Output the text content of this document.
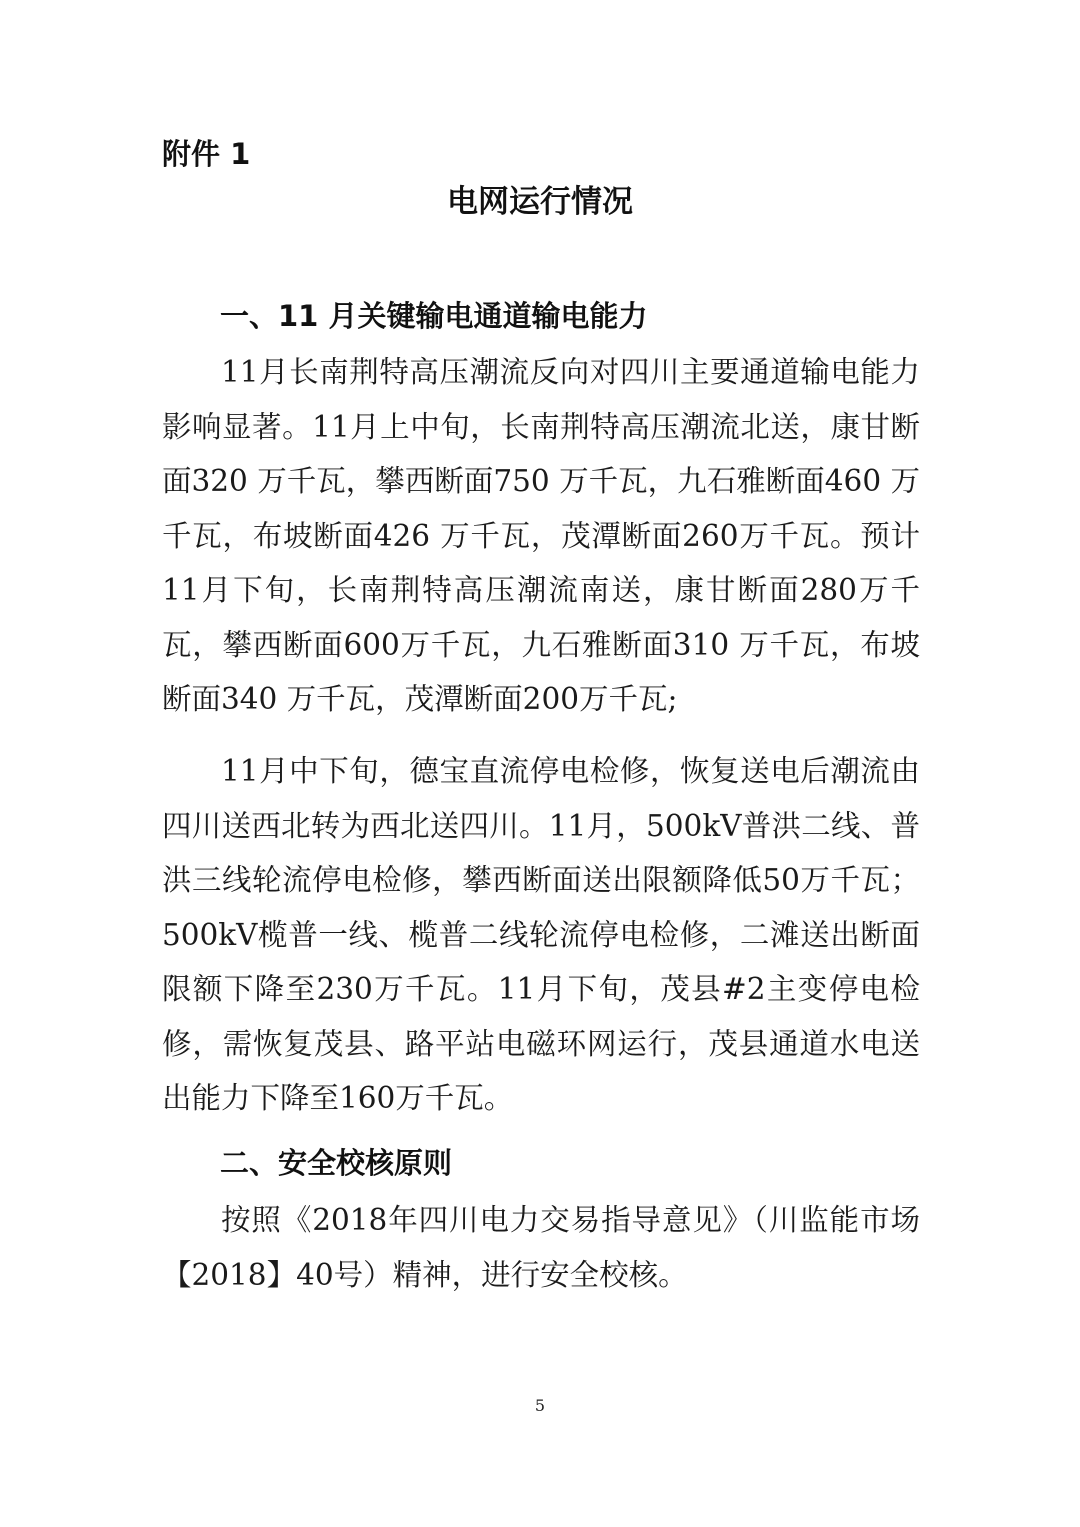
附件 1
电网运行情况
一、11 月关键输电通道输电能力

11月长南荆特高压潮流反向对四川主要通道输电能力影响显著。11月上中旬，长南荆特高压潮流北送，康甘断面320 万千瓦，攀西断面750 万千瓦，九石雅断面460 万千瓦，布坡断面426 万千瓦，茂潭断面260万千瓦。预计11月下旬，长南荆特高压潮流南送，康甘断面280万千瓦，攀西断面600万千瓦，九石雅断面310 万千瓦，布坡断面340 万千瓦，茂潭断面200万千瓦;

11月中下旬，德宝直流停电检修，恢复送电后潮流由四川送西北转为西北送四川。11月，500kV普洪二线、普洪三线轮流停电检修，攀西断面送出限额降低50万千瓦；500kV榄普一线、榄普二线轮流停电检修，二滩送出断面限额下降至230万千瓦。11月下旬，茂县#2主变停电检修，需恢复茂县、路平站电磁环网运行，茂县通道水电送出能力下降至160万千瓦。

二、安全校核原则

按照《2018年四川电力交易指导意见》（川监能市场【2018】40号）精神，进行安全校核。

5
